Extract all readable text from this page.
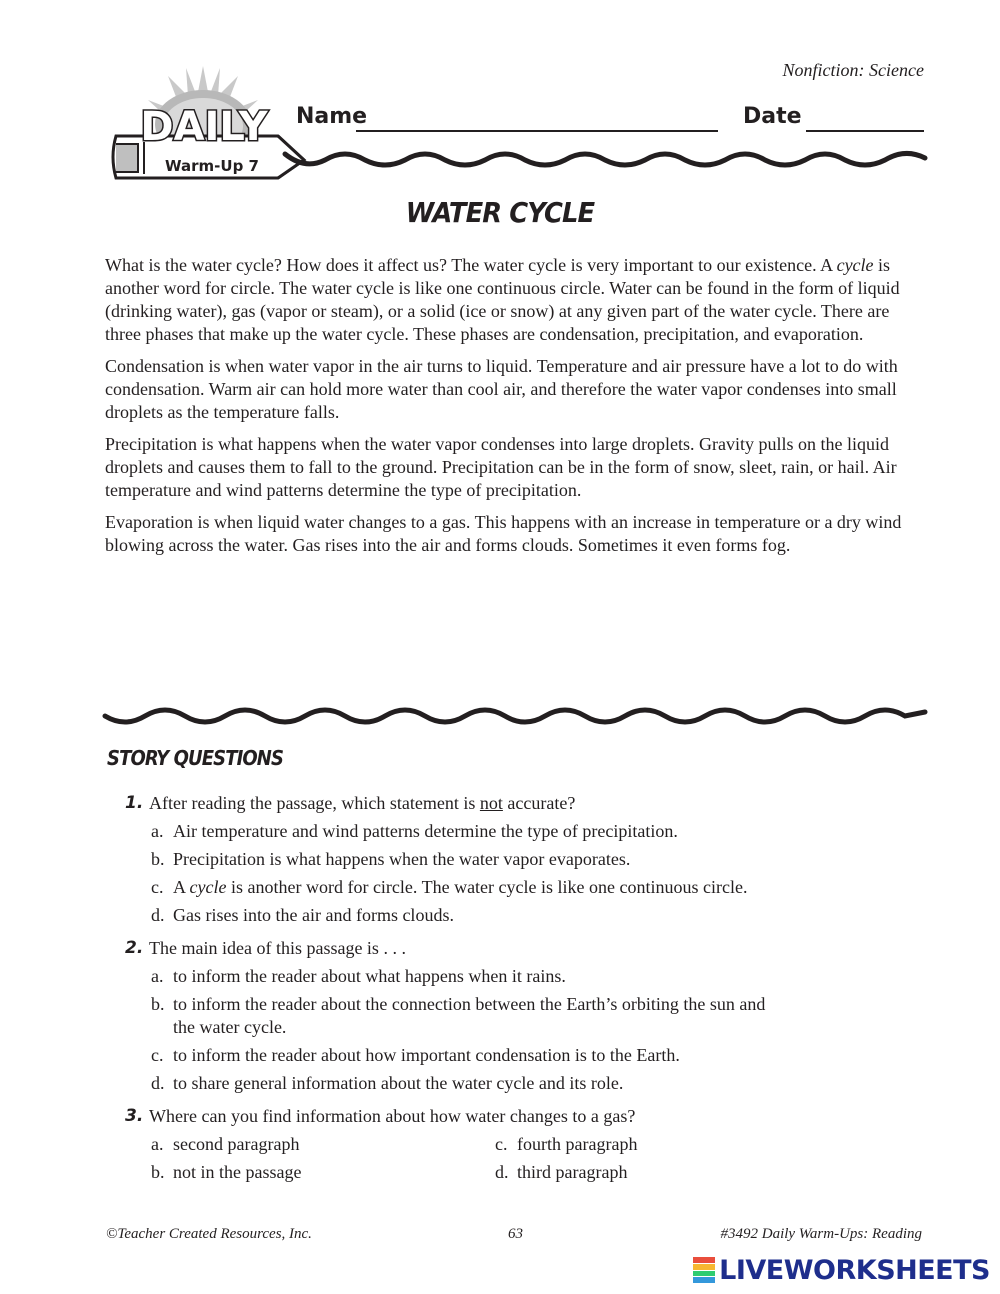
Nonfiction: Science
DAILY
Warm-Up 7
Name	Date
WATER CYCLE

What is the water cycle? How does it affect us? The water cycle is very important to our existence. A cycle is another word for circle. The water cycle is like one continuous circle. Water can be found in the form of liquid (drinking water), gas (vapor or steam), or a solid (ice or snow) at any given part of the water cycle. There are three phases that make up the water cycle. These phases are condensation, precipitation, and evaporation.

Condensation is when water vapor in the air turns to liquid. Temperature and air pressure have a lot to do with condensation. Warm air can hold more water than cool air, and therefore the water vapor condenses into small droplets as the temperature falls.

Precipitation is what happens when the water vapor condenses into large droplets. Gravity pulls on the liquid droplets and causes them to fall to the ground. Precipitation can be in the form of snow, sleet, rain, or hail. Air temperature and wind patterns determine the type of precipitation.

Evaporation is when liquid water changes to a gas. This happens with an increase in temperature or a dry wind blowing across the water. Gas rises into the air and forms clouds. Sometimes it even forms fog.

STORY QUESTIONS
1. After reading the passage, which statement is not accurate?
a. Air temperature and wind patterns determine the type of precipitation.
b. Precipitation is what happens when the water vapor evaporates.
c. A cycle is another word for circle. The water cycle is like one continuous circle.
d. Gas rises into the air and forms clouds.
2. The main idea of this passage is . . .
a. to inform the reader about what happens when it rains.
b. to inform the reader about the connection between the Earth’s orbiting the sun and the water cycle.
c. to inform the reader about how important condensation is to the Earth.
d. to share general information about the water cycle and its role.
3. Where can you find information about how water changes to a gas?
a. second paragraph	c. fourth paragraph
b. not in the passage	d. third paragraph
©Teacher Created Resources, Inc.	63	#3492 Daily Warm-Ups: Reading
LIVEWORKSHEETS
